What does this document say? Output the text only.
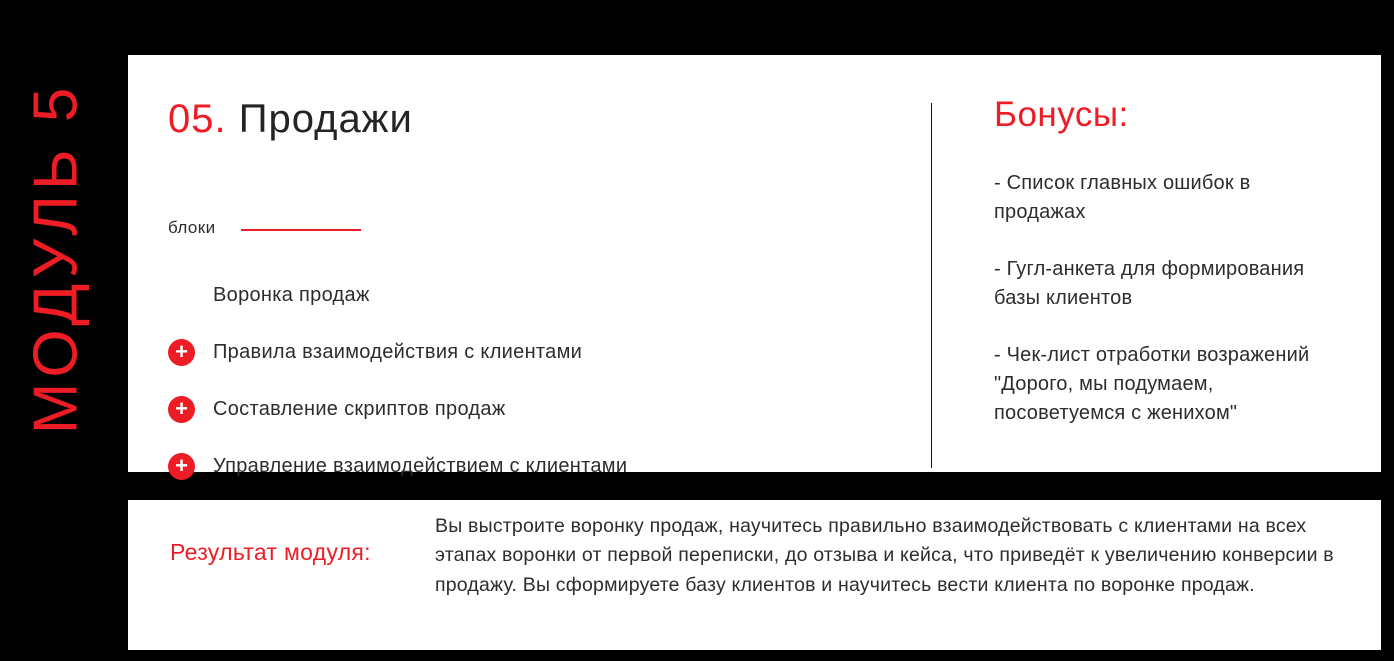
МОДУЛЬ 5 05. Продажи
блоки
Воронка продаж
+	Правила взаимодействия с клиентами
+	Составление скриптов продаж
+	Управление взаимодействием с клиентами
Бонусы:

- Список главных ошибок в продажах

- Гугл-анкета для формирования базы клиентов

- Чек-лист отработки возражений "Дорого, мы подумаем, посоветуемся с женихом"

Результат модуля:

Вы выстроите воронку продаж, научитесь правильно взаимодействовать с клиентами на всех этапах воронки от первой переписки, до отзыва и кейса, что приведёт к увеличению конверсии в продажу. Вы сформируете базу клиентов и научитесь вести клиента по воронке продаж.
